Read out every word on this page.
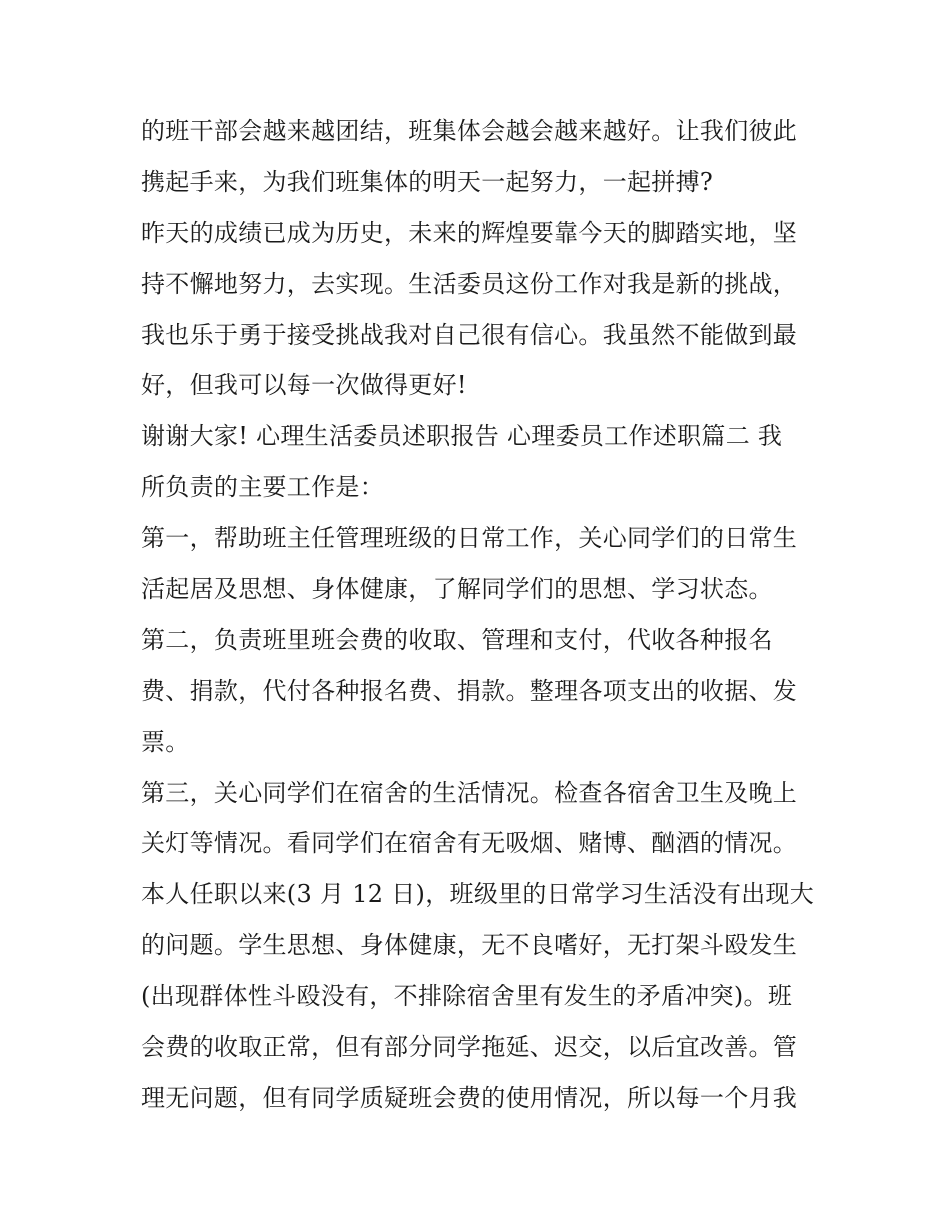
的班干部会越来越团结，班集体会越会越来越好。让我们彼此
携起手来，为我们班集体的明天一起努力，一起拼搏?
昨天的成绩已成为历史，未来的辉煌要靠今天的脚踏实地，坚
持不懈地努力，去实现。生活委员这份工作对我是新的挑战，
我也乐于勇于接受挑战我对自己很有信心。我虽然不能做到最
好，但我可以每一次做得更好!
谢谢大家! 心理生活委员述职报告 心理委员工作述职篇二 我
所负责的主要工作是：
第一，帮助班主任管理班级的日常工作，关心同学们的日常生
活起居及思想、身体健康，了解同学们的思想、学习状态。
第二，负责班里班会费的收取、管理和支付，代收各种报名
费、捐款，代付各种报名费、捐款。整理各项支出的收据、发
票。
第三，关心同学们在宿舍的生活情况。检查各宿舍卫生及晚上
关灯等情况。看同学们在宿舍有无吸烟、赌博、酗酒的情况。
本人任职以来(3 月 12 日)，班级里的日常学习生活没有出现大
的问题。学生思想、身体健康，无不良嗜好，无打架斗殴发生
(出现群体性斗殴没有，不排除宿舍里有发生的矛盾冲突)。班
会费的收取正常，但有部分同学拖延、迟交，以后宜改善。管
理无问题，但有同学质疑班会费的使用情况，所以每一个月我
